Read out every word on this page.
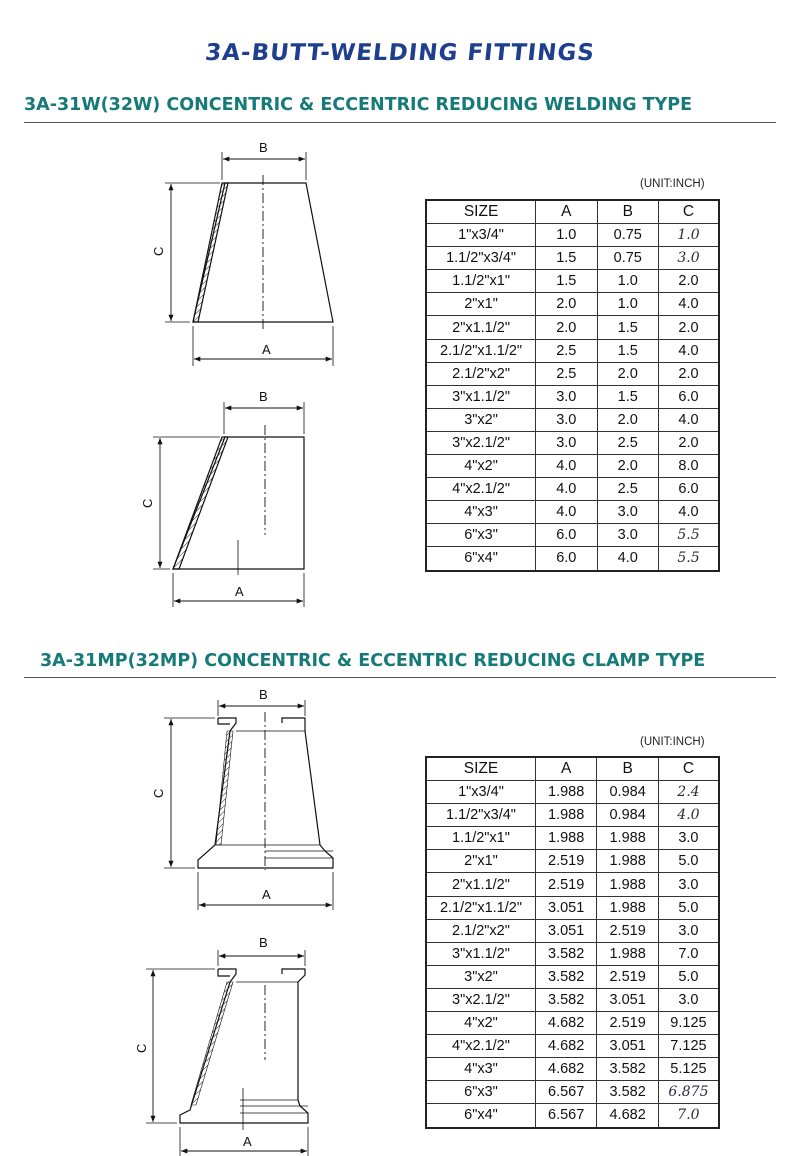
3A-BUTT-WELDING FITTINGS
3A-31W(32W) CONCENTRIC & ECCENTRIC REDUCING WELDING TYPE
3A-31MP(32MP) CONCENTRIC & ECCENTRIC REDUCING CLAMP TYPE
(UNIT:INCH)
SIZE	A	B	C
1"x3/4"	1.0	0.75	1.0
1.1/2"x3/4"	1.5	0.75	3.0
1.1/2"x1"	1.5	1.0	2.0
2"x1"	2.0	1.0	4.0
2"x1.1/2"	2.0	1.5	2.0
2.1/2"x1.1/2"	2.5	1.5	4.0
2.1/2"x2"	2.5	2.0	2.0
3"x1.1/2"	3.0	1.5	6.0
3"x2"	3.0	2.0	4.0
3"x2.1/2"	3.0	2.5	2.0
4"x2"	4.0	2.0	8.0
4"x2.1/2"	4.0	2.5	6.0
4"x3"	4.0	3.0	4.0
6"x3"	6.0	3.0	5.5
6"x4"	6.0	4.0	5.5
(UNIT:INCH)
SIZE	A	B	C
1"x3/4"	1.988	0.984	2.4
1.1/2"x3/4"	1.988	0.984	4.0
1.1/2"x1"	1.988	1.988	3.0
2"x1"	2.519	1.988	5.0
2"x1.1/2"	2.519	1.988	3.0
2.1/2"x1.1/2"	3.051	1.988	5.0
2.1/2"x2"	3.051	2.519	3.0
3"x1.1/2"	3.582	1.988	7.0
3"x2"	3.582	2.519	5.0
3"x2.1/2"	3.582	3.051	3.0
4"x2"	4.682	2.519	9.125
4"x2.1/2"	4.682	3.051	7.125
4"x3"	4.682	3.582	5.125
6"x3"	6.567	3.582	6.875
6"x4"	6.567	4.682	7.0
B
A
C
B
A
C
B
A
C
B
A
C
